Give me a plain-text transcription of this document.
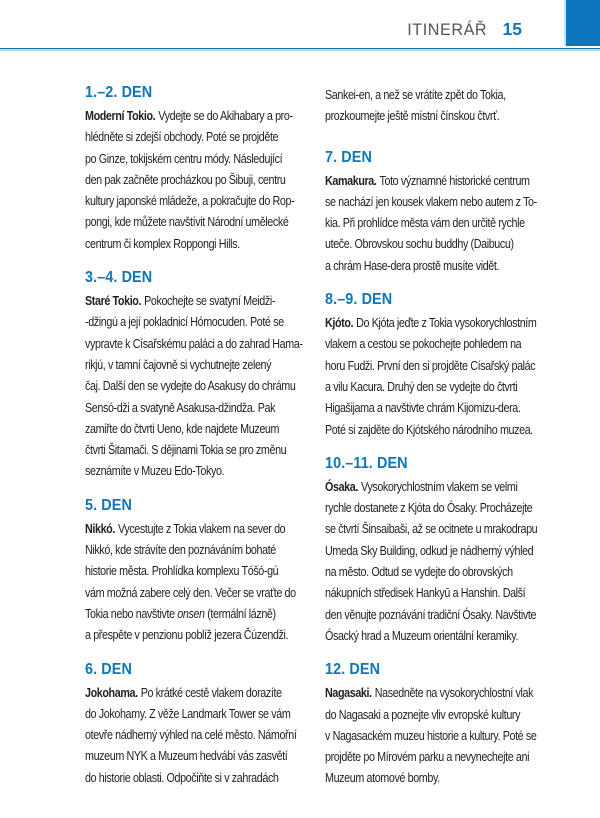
ITINERÁŘ 15
1.–2. DEN
Moderní Tokio. Vydejte se do Akihabary a pro-
hlédněte si zdejší obchody. Poté se projděte
po Ginze, tokijském centru módy. Následující
den pak začněte procházkou po Šibuji, centru
kultury japonské mládeže, a pokračujte do Rop-
pongi, kde můžete navštívit Národní umělecké
centrum či komplex Roppongi Hills.
3.–4. DEN
Staré Tokio. Pokochejte se svatyní Meidži-
-džingú a její pokladnicí Hómocuden. Poté se
vypravte k Císařskému paláci a do zahrad Hama-
rikjú, v tamní čajovně si vychutnejte zelený
čaj. Další den se vydejte do Asakusy do chrámu
Sensó-dži a svatyně Asakusa-džindža. Pak
zamiřte do čtvrti Ueno, kde najdete Muzeum
čtvrti Šitamači. S dějinami Tokia se pro změnu
seznámíte v Muzeu Edo-Tokyo.
5. DEN
Nikkó. Vycestujte z Tokia vlakem na sever do
Nikkó, kde strávíte den poznáváním bohaté
historie města. Prohlídka komplexu Tóšó-gú
vám možná zabere celý den. Večer se vraťte do
Tokia nebo navštivte onsen (termální lázně)
a přespěte v penzionu poblíž jezera Čúzendži.
6. DEN
Jokohama. Po krátké cestě vlakem dorazíte
do Jokohamy. Z věže Landmark Tower se vám
otevře nádherný výhled na celé město. Námořní
muzeum NYK a Muzeum hedvábí vás zasvětí
do historie oblasti. Odpočiňte si v zahradách
Sankei-en, a než se vrátíte zpět do Tokia,
prozkoumejte ještě místní čínskou čtvrť.
7. DEN
Kamakura. Toto významné historické centrum
se nachází jen kousek vlakem nebo autem z To-
kia. Při prohlídce města vám den určitě rychle
uteče. Obrovskou sochu buddhy (Daibucu)
a chrám Hase-dera prostě musíte vidět.
8.–9. DEN
Kjóto. Do Kjóta jeďte z Tokia vysokorychlostním
vlakem a cestou se pokochejte pohledem na
horu Fudži. První den si projděte Císařský palác
a vilu Kacura. Druhý den se vydejte do čtvrti
Higašijama a navštivte chrám Kijomizu-dera.
Poté si zajděte do Kjótského národního muzea.
10.–11. DEN
Ósaka. Vysokorychlostním vlakem se velmi
rychle dostanete z Kjóta do Ósaky. Procházejte
se čtvrtí Šinsaibaši, až se ocitnete u mrakodrapu
Umeda Sky Building, odkud je nádherný výhled
na město. Odtud se vydejte do obrovských
nákupních středisek Hankyū a Hanshin. Další
den věnujte poznávání tradiční Ósaky. Navštivte
Ósacký hrad a Muzeum orientální keramiky.
12. DEN
Nagasaki. Nasedněte na vysokorychlostní vlak
do Nagasaki a poznejte vliv evropské kultury
v Nagasackém muzeu historie a kultury. Poté se
projděte po Mírovém parku a nevynechejte ani
Muzeum atomové bomby.
